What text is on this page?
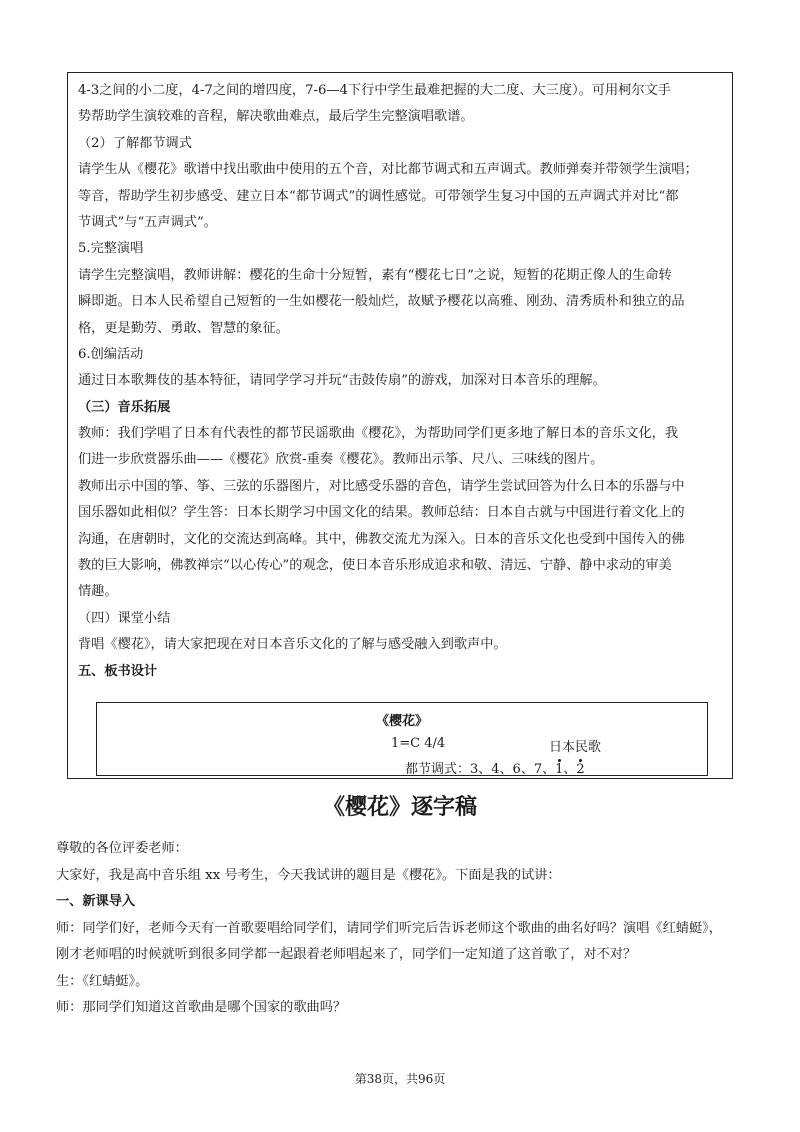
4-3之间的小二度，4-7之间的增四度，7-6—4下行中学生最难把握的大二度、大三度）。可用柯尔文手
势帮助学生演较难的音程，解决歌曲难点，最后学生完整演唱歌谱。
（2）了解都节调式
请学生从《樱花》歌谱中找出歌曲中使用的五个音，对比都节调式和五声调式。教师弹奏并带领学生演唱；
等音，帮助学生初步感受、建立日本“都节调式”的调性感觉。可带领学生复习中国的五声调式并对比“都
节调式”与“五声调式”。
5.完整演唱
请学生完整演唱，教师讲解：樱花的生命十分短暂，素有“樱花七日”之说，短暂的花期正像人的生命转
瞬即逝。日本人民希望自己短暂的一生如樱花一般灿烂，故赋予樱花以高雅、刚劲、清秀质朴和独立的品
格，更是勤劳、勇敢、智慧的象征。
6.创编活动
通过日本歌舞伎的基本特征，请同学学习并玩“击鼓传扇”的游戏，加深对日本音乐的理解。
（三）音乐拓展
教师：我们学唱了日本有代表性的都节民谣歌曲《樱花》，为帮助同学们更多地了解日本的音乐文化，我
们进一步欣赏器乐曲——《樱花》欣赏-重奏《樱花》。教师出示筝、尺八、三味线的图片。
教师出示中国的筝、筝、三弦的乐器图片，对比感受乐器的音色，请学生尝试回答为什么日本的乐器与中
国乐器如此相似？学生答：日本长期学习中国文化的结果。教师总结：日本自古就与中国进行着文化上的
沟通，在唐朝时，文化的交流达到高峰。其中，佛教交流尤为深入。日本的音乐文化也受到中国传入的佛
教的巨大影响，佛教禅宗“以心传心”的观念，使日本音乐形成追求和敬、清远、宁静、静中求动的审美
情趣。
（四）课堂小结
背唱《樱花》，请大家把现在对日本音乐文化的了解与感受融入到歌声中。
五、板书设计
《樱花》
1=C 4/4	日本民歌
都节调式：3、4、6、7、1、2
《樱花》逐字稿
尊敬的各位评委老师：
大家好，我是高中音乐组 xx 号考生，今天我试讲的题目是《樱花》。下面是我的试讲：
一、新课导入
师：同学们好，老师今天有一首歌要唱给同学们，请同学们听完后告诉老师这个歌曲的曲名好吗？演唱《红蜻蜓》，
刚才老师唱的时候就听到很多同学都一起跟着老师唱起来了，同学们一定知道了这首歌了，对不对？
生：《红蜻蜓》。
师：那同学们知道这首歌曲是哪个国家的歌曲吗？
第38页，共96页
